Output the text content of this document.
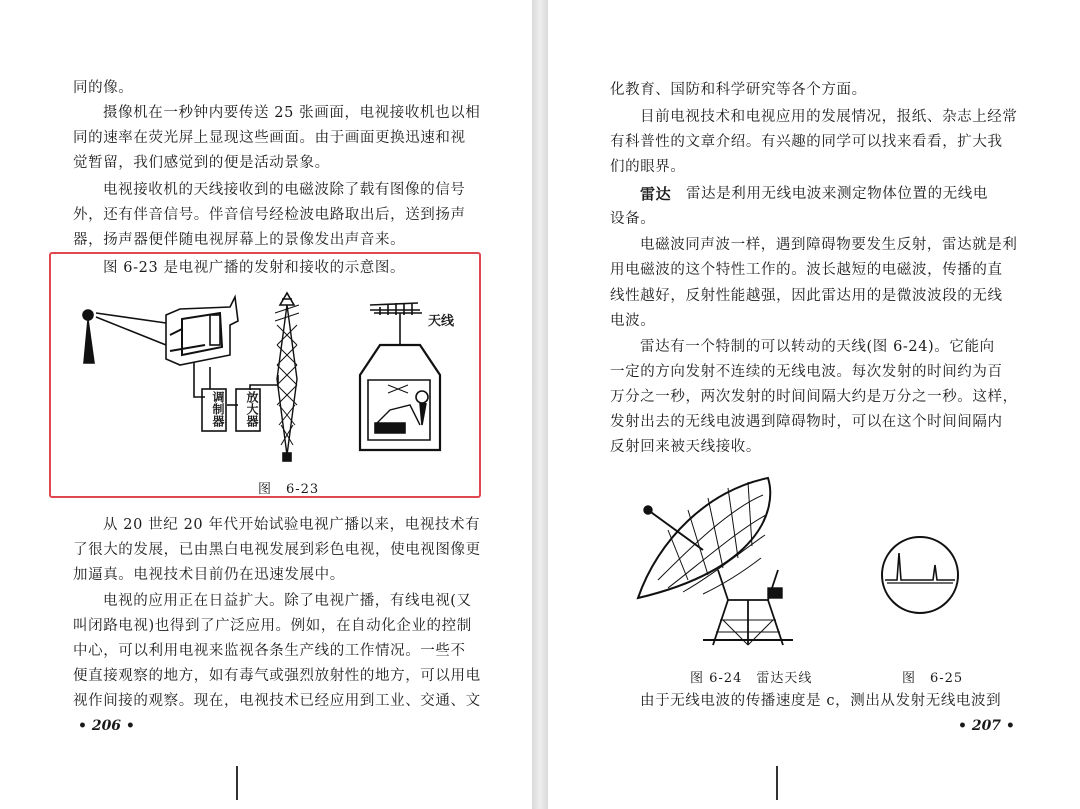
同的像。
摄像机在一秒钟内要传送 25 张画面，电视接收机也以相
同的速率在荧光屏上显现这些画面。由于画面更换迅速和视
觉暂留，我们感觉到的便是活动景象。
电视接收机的天线接收到的电磁波除了载有图像的信号
外，还有伴音信号。伴音信号经检波电路取出后，送到扬声
器，扬声器便伴随电视屏幕上的景像发出声音来。
图 6-23 是电视广播的发射和接收的示意图。
调制器	放大器
天线
图　6-23
从 20 世纪 20 年代开始试验电视广播以来，电视技术有
了很大的发展，已由黑白电视发展到彩色电视，使电视图像更
加逼真。电视技术目前仍在迅速发展中。
电视的应用正在日益扩大。除了电视广播，有线电视(又
叫闭路电视)也得到了广泛应用。例如，在自动化企业的控制
中心，可以利用电视来监视各条生产线的工作情况。一些不
便直接观察的地方，如有毒气或强烈放射性的地方，可以用电
视作间接的观察。现在，电视技术已经应用到工业、交通、文
• 206 •
化教育、国防和科学研究等各个方面。
目前电视技术和电视应用的发展情况，报纸、杂志上经常
有科普性的文章介绍。有兴趣的同学可以找来看看，扩大我
们的眼界。
雷达 雷达是利用无线电波来测定物体位置的无线电
设备。
电磁波同声波一样，遇到障碍物要发生反射，雷达就是利
用电磁波的这个特性工作的。波长越短的电磁波，传播的直
线性越好，反射性能越强，因此雷达用的是微波波段的无线
电波。
雷达有一个特制的可以转动的天线(图 6-24)。它能向
一定的方向发射不连续的无线电波。每次发射的时间约为百
万分之一秒，两次发射的时间间隔大约是万分之一秒。这样，
发射出去的无线电波遇到障碍物时，可以在这个时间间隔内
反射回来被天线接收。
图 6-24　雷达天线	图　6-25
由于无线电波的传播速度是 c，测出从发射无线电波到
• 207 •
